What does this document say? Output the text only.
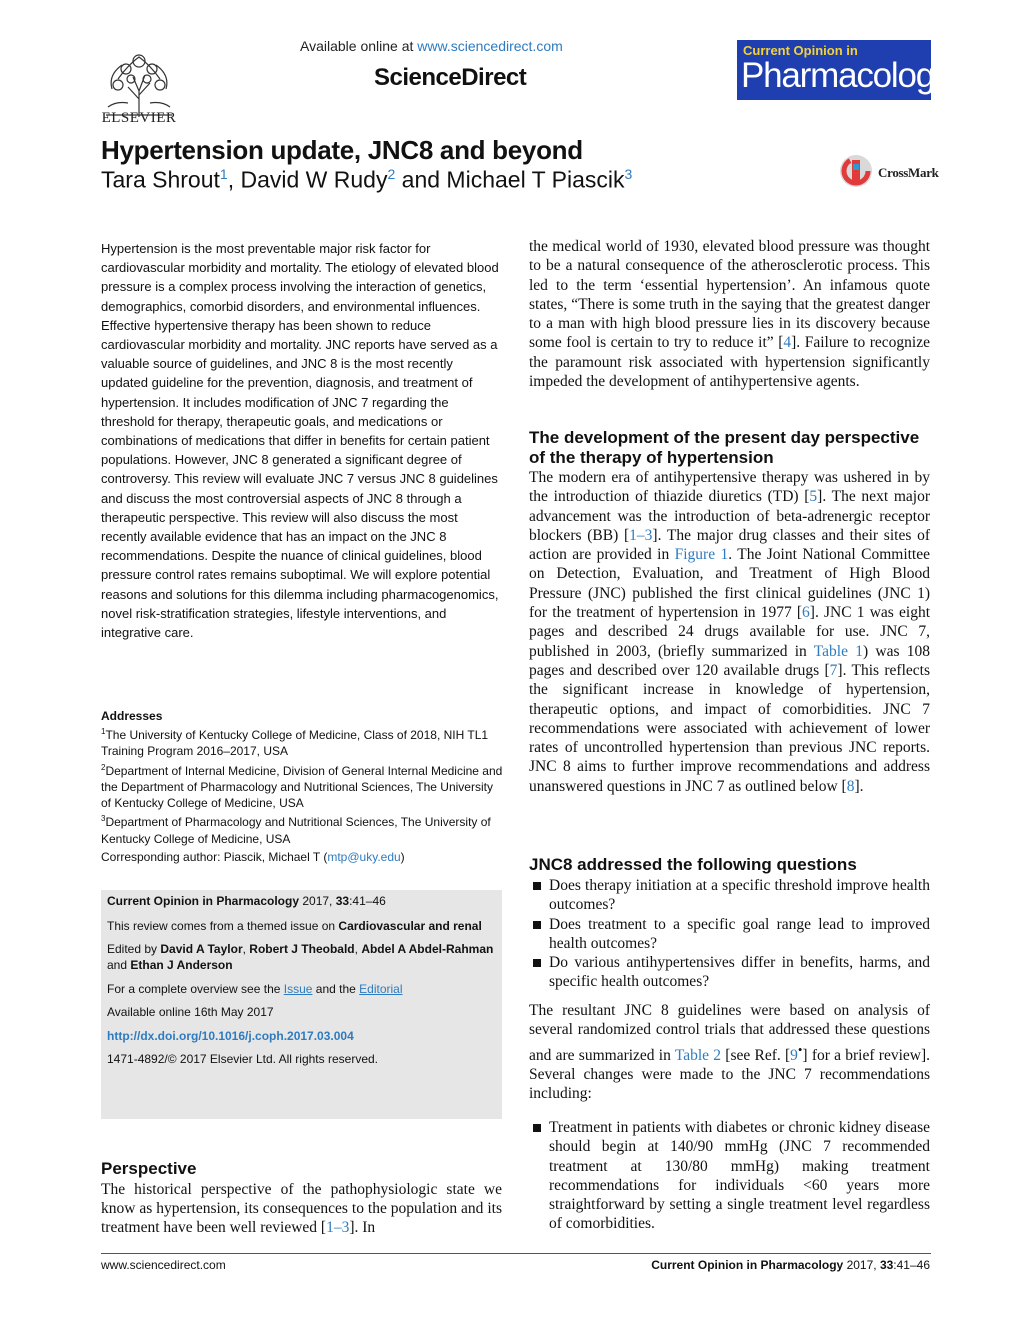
ELSEVIER
Available online at www.sciencedirect.com
ScienceDirect
Current Opinion in
Pharmacology
Hypertension update, JNC8 and beyond
Tara Shrout$^1$, David W Rudy$^2$ and Michael T Piascik$^3$	CrossMark
Hypertension is the most preventable major risk factor for cardiovascular morbidity and mortality. The etiology of elevated blood pressure is a complex process involving the interaction of genetics, demographics, comorbid disorders, and environmental influences. Effective hypertensive therapy has been shown to reduce cardiovascular morbidity and mortality. JNC reports have served as a valuable source of guidelines, and JNC 8 is the most recently updated guideline for the prevention, diagnosis, and treatment of hypertension. It includes modification of JNC 7 regarding the threshold for therapy, therapeutic goals, and medications or combinations of medications that differ in benefits for certain patient populations. However, JNC 8 generated a significant degree of controversy. This review will evaluate JNC 7 versus JNC 8 guidelines and discuss the most controversial aspects of JNC 8 through a therapeutic perspective. This review will also discuss the most recently available evidence that has an impact on the JNC 8 recommendations. Despite the nuance of clinical guidelines, blood pressure control rates remains suboptimal. We will explore potential reasons and solutions for this dilemma including pharmacogenomics, novel risk-stratification strategies, lifestyle interventions, and integrative care.
Addresses
$^1$The University of Kentucky College of Medicine, Class of 2018, NIH TL1 Training Program 2016–2017, USA
$^2$Department of Internal Medicine, Division of General Internal Medicine and the Department of Pharmacology and Nutritional Sciences, The University of Kentucky College of Medicine, USA
$^3$Department of Pharmacology and Nutritional Sciences, The University of Kentucky College of Medicine, USA
Corresponding author: Piascik, Michael T (mtp@uky.edu)
Current Opinion in Pharmacology 2017, 33:41–46
This review comes from a themed issue on Cardiovascular and renal
Edited by David A Taylor, Robert J Theobald, Abdel A Abdel-Rahman
and Ethan J Anderson
For a complete overview see the Issue and the Editorial
Available online 16th May 2017
http://dx.doi.org/10.1016/j.coph.2017.03.004
1471-4892/© 2017 Elsevier Ltd. All rights reserved.
Perspective
The historical perspective of the pathophysiologic state we know as hypertension, its consequences to the population and its treatment have been well reviewed [1–3]. In
the medical world of 1930, elevated blood pressure was thought to be a natural consequence of the atherosclerotic process. This led to the term ‘essential hypertension’. An infamous quote states, “There is some truth in the saying that the greatest danger to a man with high blood pressure lies in its discovery because some fool is certain to try to reduce it” [4]. Failure to recognize the paramount risk associated with hypertension significantly impeded the development of antihypertensive agents.
The development of the present day perspective of the therapy of hypertension
The modern era of antihypertensive therapy was ushered in by the introduction of thiazide diuretics (TD) [5]. The next major advancement was the introduction of beta-adrenergic receptor blockers (BB) [1–3]. The major drug classes and their sites of action are provided in Figure 1. The Joint National Committee on Detection, Evaluation, and Treatment of High Blood Pressure (JNC) published the first clinical guidelines (JNC 1) for the treatment of hypertension in 1977 [6]. JNC 1 was eight pages and described 24 drugs available for use. JNC 7, published in 2003, (briefly summarized in Table 1) was 108 pages and described over 120 available drugs [7]. This reflects the significant increase in knowledge of hypertension, therapeutic options, and impact of comorbidities. JNC 7 recommendations were associated with achievement of lower rates of uncontrolled hypertension than previous JNC reports. JNC 8 aims to further improve recommendations and address unanswered questions in JNC 7 as outlined below [8].
JNC8 addressed the following questions
Does therapy initiation at a specific threshold improve health outcomes?
Does treatment to a specific goal range lead to improved health outcomes?
Do various antihypertensives differ in benefits, harms, and specific health outcomes?
The resultant JNC 8 guidelines were based on analysis of several randomized control trials that addressed these questions and are summarized in Table 2 [see Ref. [9•] for a brief review]. Several changes were made to the JNC 7 recommendations including:
Treatment in patients with diabetes or chronic kidney disease should begin at 140/90 mmHg (JNC 7 recommended treatment at 130/80 mmHg) making treatment recommendations for individuals <60 years more straightforward by setting a single treatment level regardless of comorbidities.
www.sciencedirect.com	Current Opinion in Pharmacology 2017, 33:41–46
